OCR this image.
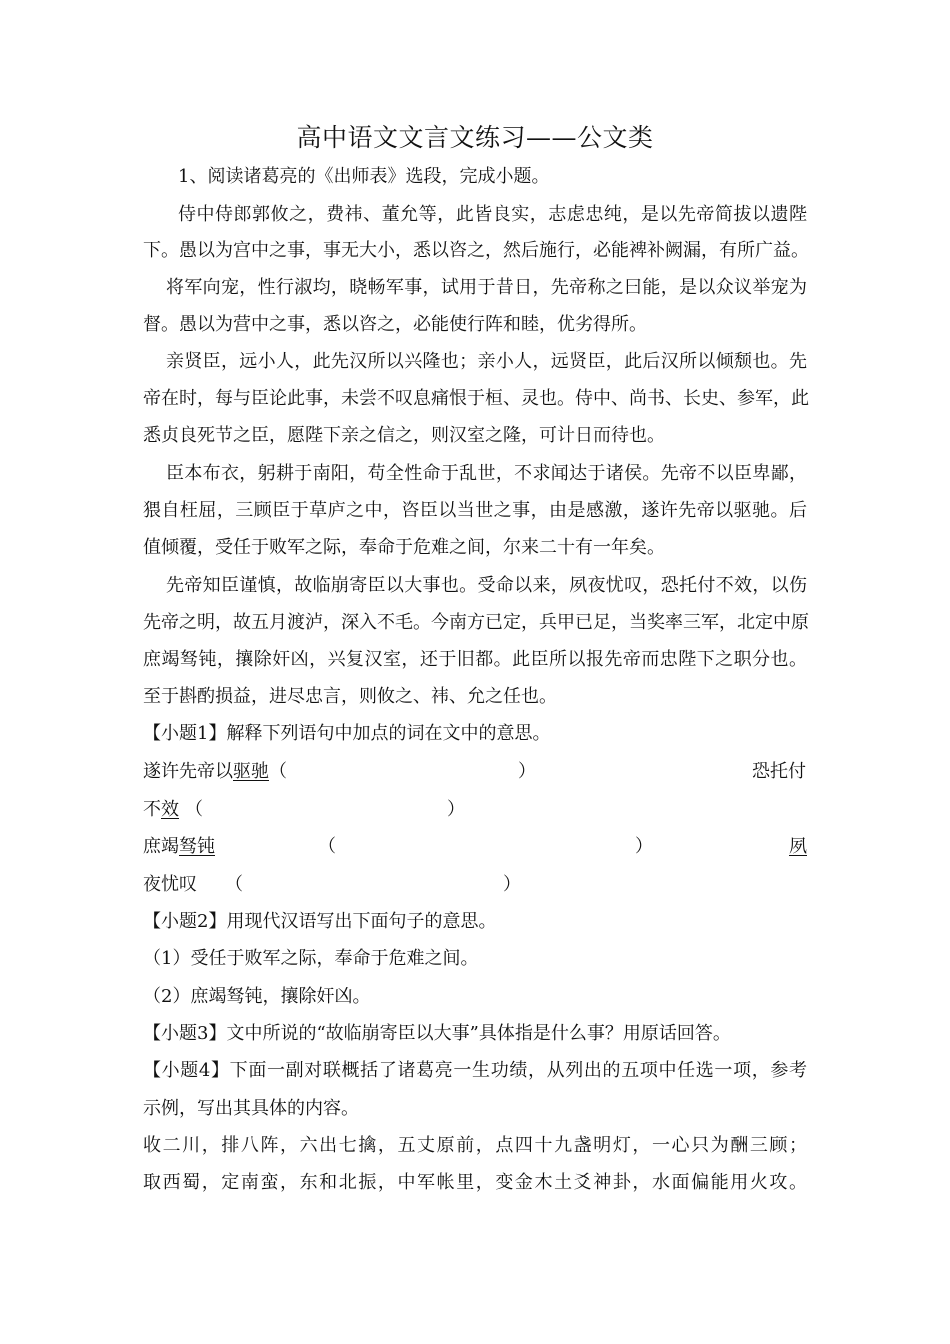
高中语文文言文练习——公文类
1、阅读诸葛亮的《出师表》选段，完成小题。
侍中侍郎郭攸之，费祎、董允等，此皆良实，志虑忠纯，是以先帝简拔以遗陛
下。愚以为宫中之事，事无大小，悉以咨之，然后施行，必能裨补阙漏，有所广益。
将军向宠，性行淑均，晓畅军事，试用于昔日，先帝称之曰能，是以众议举宠为
督。愚以为营中之事，悉以咨之，必能使行阵和睦，优劣得所。
亲贤臣，远小人，此先汉所以兴隆也；亲小人，远贤臣，此后汉所以倾颓也。先
帝在时，每与臣论此事，未尝不叹息痛恨于桓、灵也。侍中、尚书、长史、参军，此
悉贞良死节之臣，愿陛下亲之信之，则汉室之隆，可计日而待也。
臣本布衣，躬耕于南阳，苟全性命于乱世，不求闻达于诸侯。先帝不以臣卑鄙，
猥自枉屈，三顾臣于草庐之中，咨臣以当世之事，由是感激，遂许先帝以驱驰。后
值倾覆，受任于败军之际，奉命于危难之间，尔来二十有一年矣。
先帝知臣谨慎，故临崩寄臣以大事也。受命以来，夙夜忧叹，恐托付不效，以伤
先帝之明，故五月渡泸，深入不毛。今南方已定，兵甲已足，当奖率三军，北定中原
庶竭驽钝，攘除奸凶，兴复汉室，还于旧都。此臣所以报先帝而忠陛下之职分也。
至于斟酌损益，进尽忠言，则攸之、祎、允之任也。
【小题1】解释下列语句中加点的词在文中的意思。
遂许先帝以驱驰（	）	恐托付
不效 （	）
庶竭驽钝	（	）	夙
夜忧叹 （	）
【小题2】用现代汉语写出下面句子的意思。
（1）受任于败军之际，奉命于危难之间。
（2）庶竭驽钝，攘除奸凶。
【小题3】文中所说的“故临崩寄臣以大事”具体指是什么事？用原话回答。
【小题4】下面一副对联概括了诸葛亮一生功绩，从列出的五项中任选一项，参考
示例，写出其具体的内容。
收二川，排八阵，六出七擒，五丈原前，点四十九盏明灯，一心只为酬三顾；
取西蜀，定南蛮，东和北振，中军帐里，变金木土爻神卦，水面偏能用火攻。
